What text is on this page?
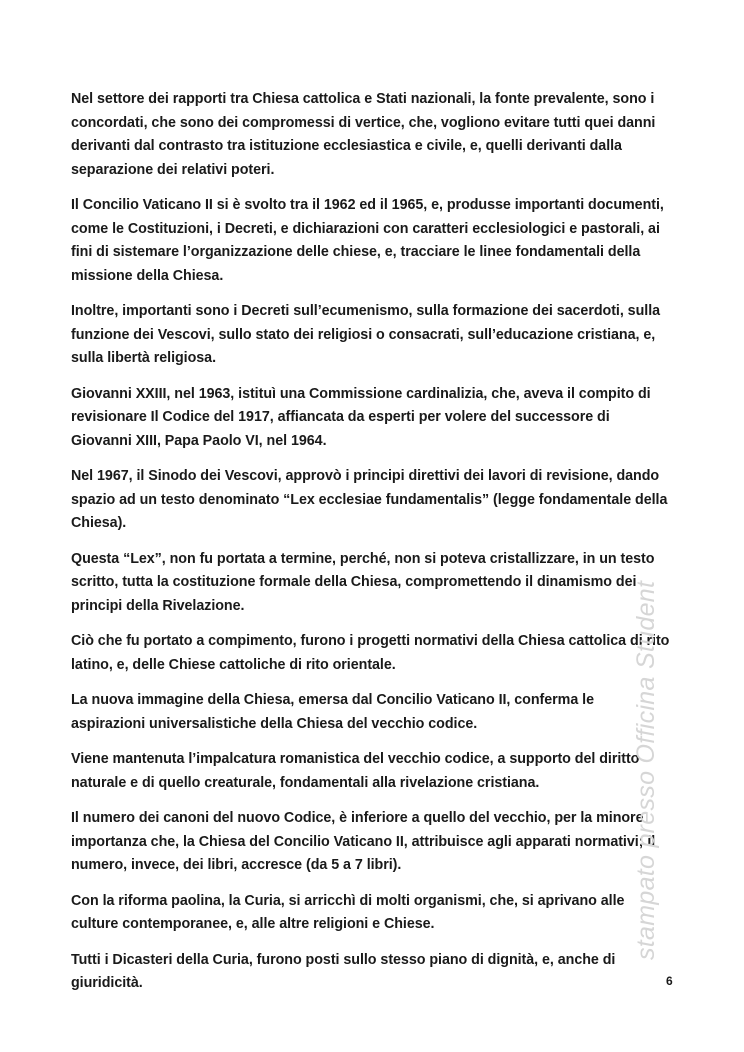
Nel settore dei rapporti tra Chiesa cattolica e Stati nazionali, la fonte prevalente, sono i concordati, che sono dei compromessi di vertice, che, vogliono evitare tutti quei danni derivanti dal contrasto tra istituzione ecclesiastica e civile, e, quelli derivanti dalla separazione dei relativi poteri.

Il Concilio Vaticano II si è svolto tra il 1962 ed il 1965, e, produsse importanti documenti, come le Costituzioni, i Decreti, e dichiarazioni con caratteri ecclesiologici e pastorali, ai fini di sistemare l’organizzazione delle chiese, e, tracciare le linee fondamentali della missione della Chiesa.

Inoltre, importanti sono i Decreti sull’ecumenismo, sulla formazione dei sacerdoti, sulla funzione dei Vescovi, sullo stato dei religiosi o consacrati, sull’educazione cristiana, e, sulla libertà religiosa.

Giovanni XXIII, nel 1963, istituì una Commissione cardinalizia, che, aveva il compito di revisionare Il Codice del 1917, affiancata da esperti per volere del successore di Giovanni XIII, Papa Paolo VI, nel 1964.

Nel 1967, il Sinodo dei Vescovi, approvò i principi direttivi dei lavori di revisione, dando spazio ad un testo denominato “Lex ecclesiae fundamentalis” (legge fondamentale della Chiesa).

Questa “Lex”, non fu portata a termine, perché, non si poteva cristallizzare, in un testo scritto, tutta la costituzione formale della Chiesa, compromettendo il dinamismo dei principi della Rivelazione.

Ciò che fu portato a compimento, furono i progetti normativi della Chiesa cattolica di rito latino, e, delle Chiese cattoliche di rito orientale.

La nuova immagine della Chiesa, emersa dal Concilio Vaticano II, conferma le aspirazioni universalistiche della Chiesa del vecchio codice.

Viene mantenuta l’impalcatura romanistica del vecchio codice, a supporto del diritto naturale e di quello creaturale, fondamentali alla rivelazione cristiana.

Il numero dei canoni del nuovo Codice, è inferiore a quello del vecchio, per la minore importanza che, la Chiesa del Concilio Vaticano II, attribuisce agli apparati normativi; il numero, invece, dei libri, accresce (da 5 a 7 libri).

Con la riforma paolina, la Curia, si arricchì di molti organismi, che, si aprivano alle culture contemporanee, e, alle altre religioni e Chiese.

Tutti i Dicasteri della Curia, furono posti sullo stesso piano di dignità, e, anche di giuridicità.

stampato presso Officina Student
6
